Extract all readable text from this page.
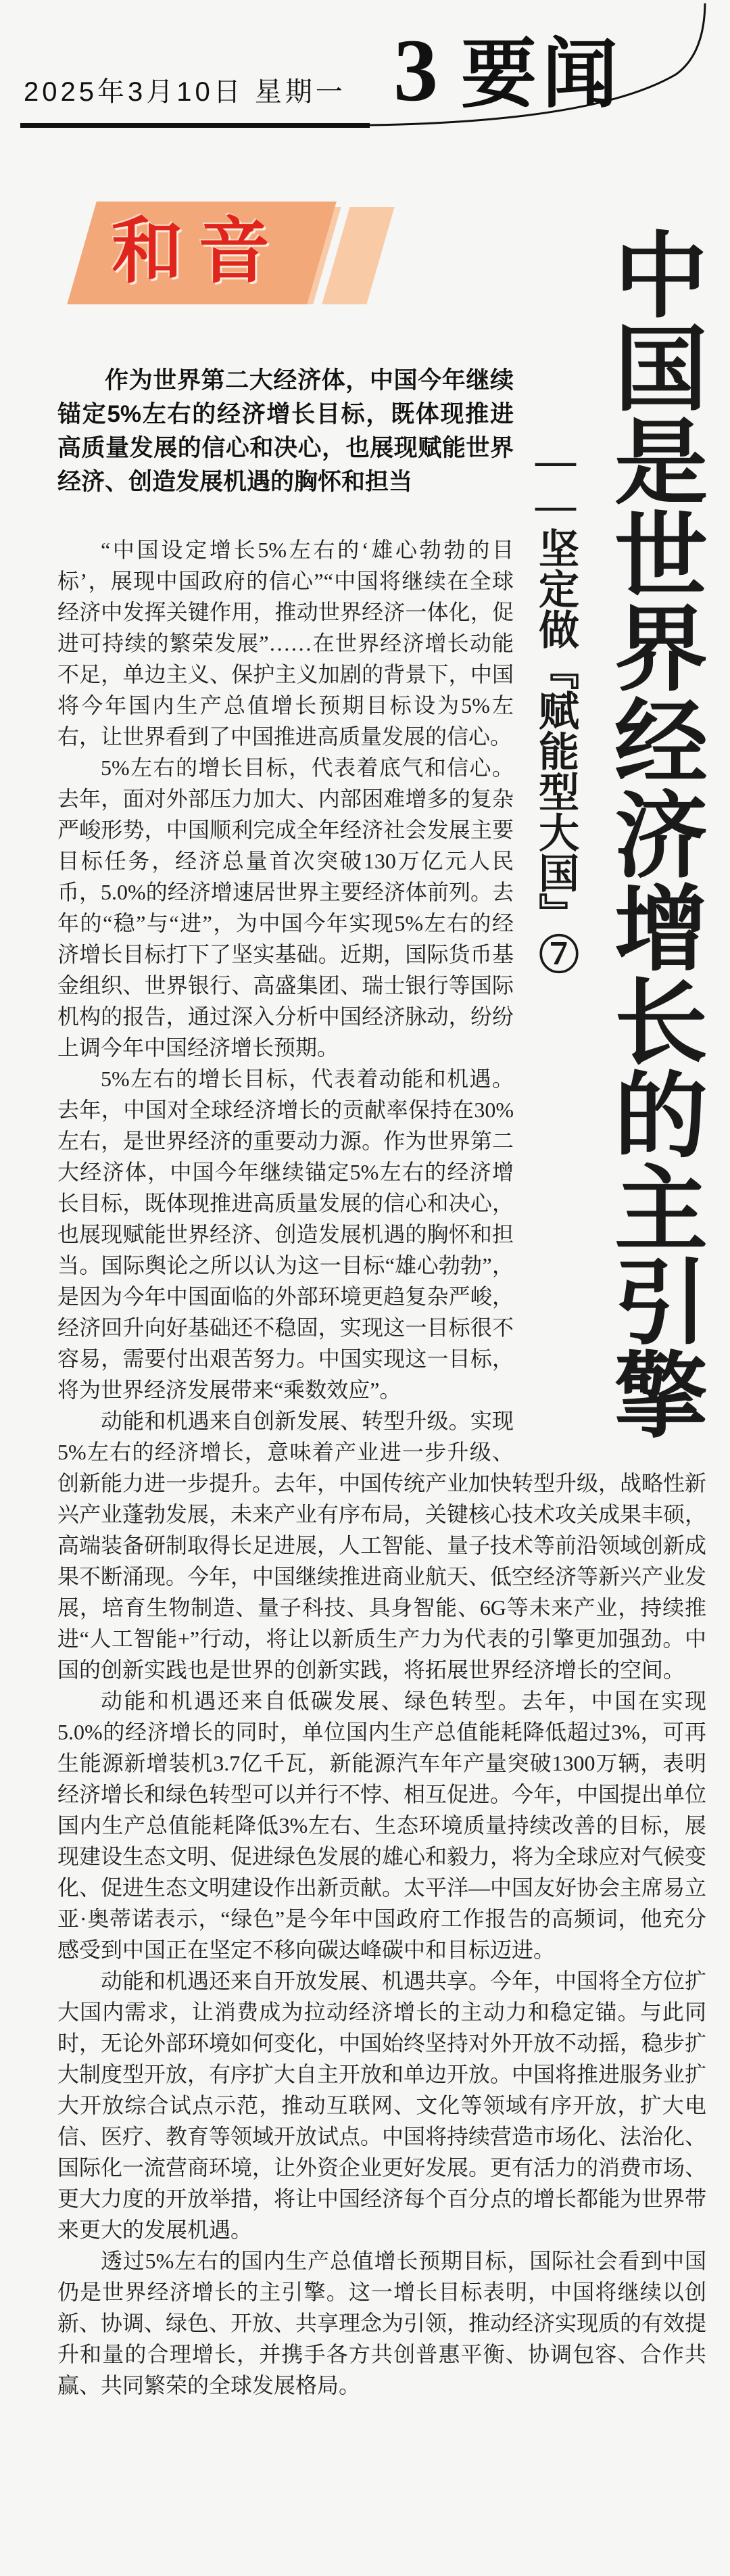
2025年3月10日 星期一 3 要闻
中国是世界经济增长的主引擎
——坚定做『赋能型大国』⑦
和音
作为世界第二大经济体，中国今年继续锚定5%左右的经济增长目标，既体现推进高质量发展的信心和决心，也展现赋能世界经济、创造发展机遇的胸怀和担当

“中国设定增长5%左右的‘雄心勃勃的目标’，展现中国政府的信心”“中国将继续在全球经济中发挥关键作用，推动世界经济一体化，促进可持续的繁荣发展”……在世界经济增长动能不足，单边主义、保护主义加剧的背景下，中国将今年国内生产总值增长预期目标设为5%左右，让世界看到了中国推进高质量发展的信心。

5%左右的增长目标，代表着底气和信心。去年，面对外部压力加大、内部困难增多的复杂严峻形势，中国顺利完成全年经济社会发展主要目标任务，经济总量首次突破130万亿元人民币，5.0%的经济增速居世界主要经济体前列。去年的“稳”与“进”，为中国今年实现5%左右的经济增长目标打下了坚实基础。近期，国际货币基金组织、世界银行、高盛集团、瑞士银行等国际机构的报告，通过深入分析中国经济脉动，纷纷上调今年中国经济增长预期。

5%左右的增长目标，代表着动能和机遇。去年，中国对全球经济增长的贡献率保持在30%左右，是世界经济的重要动力源。作为世界第二大经济体，中国今年继续锚定5%左右的经济增长目标，既体现推进高质量发展的信心和决心，也展现赋能世界经济、创造发展机遇的胸怀和担当。国际舆论之所以认为这一目标“雄心勃勃”，是因为今年中国面临的外部环境更趋复杂严峻，经济回升向好基础还不稳固，实现这一目标很不容易，需要付出艰苦努力。中国实现这一目标，将为世界经济发展带来“乘数效应”。

动能和机遇来自创新发展、转型升级。实现5%左右的经济增长，意味着产业进一步升级、创新能力进一步提升。去年，中国传统产业加快转型升级，战略性新兴产业蓬勃发展，未来产业有序布局，关键核心技术攻关成果丰硕，高端装备研制取得长足进展，人工智能、量子技术等前沿领域创新成果不断涌现。今年，中国继续推进商业航天、低空经济等新兴产业发展，培育生物制造、量子科技、具身智能、6G等未来产业，持续推进“人工智能+”行动，将让以新质生产力为代表的引擎更加强劲。中国的创新实践也是世界的创新实践，将拓展世界经济增长的空间。

动能和机遇还来自低碳发展、绿色转型。去年，中国在实现5.0%的经济增长的同时，单位国内生产总值能耗降低超过3%，可再生能源新增装机3.7亿千瓦，新能源汽车年产量突破1300万辆，表明经济增长和绿色转型可以并行不悖、相互促进。今年，中国提出单位国内生产总值能耗降低3%左右、生态环境质量持续改善的目标，展现建设生态文明、促进绿色发展的雄心和毅力，将为全球应对气候变化、促进生态文明建设作出新贡献。太平洋—中国友好协会主席易立亚·奥蒂诺表示，“绿色”是今年中国政府工作报告的高频词，他充分感受到中国正在坚定不移向碳达峰碳中和目标迈进。

动能和机遇还来自开放发展、机遇共享。今年，中国将全方位扩大国内需求，让消费成为拉动经济增长的主动力和稳定锚。与此同时，无论外部环境如何变化，中国始终坚持对外开放不动摇，稳步扩大制度型开放，有序扩大自主开放和单边开放。中国将推进服务业扩大开放综合试点示范，推动互联网、文化等领域有序开放，扩大电信、医疗、教育等领域开放试点。中国将持续营造市场化、法治化、国际化一流营商环境，让外资企业更好发展。更有活力的消费市场、更大力度的开放举措，将让中国经济每个百分点的增长都能为世界带来更大的发展机遇。

透过5%左右的国内生产总值增长预期目标，国际社会看到中国仍是世界经济增长的主引擎。这一增长目标表明，中国将继续以创新、协调、绿色、开放、共享理念为引领，推动经济实现质的有效提升和量的合理增长，并携手各方共创普惠平衡、协调包容、合作共赢、共同繁荣的全球发展格局。
